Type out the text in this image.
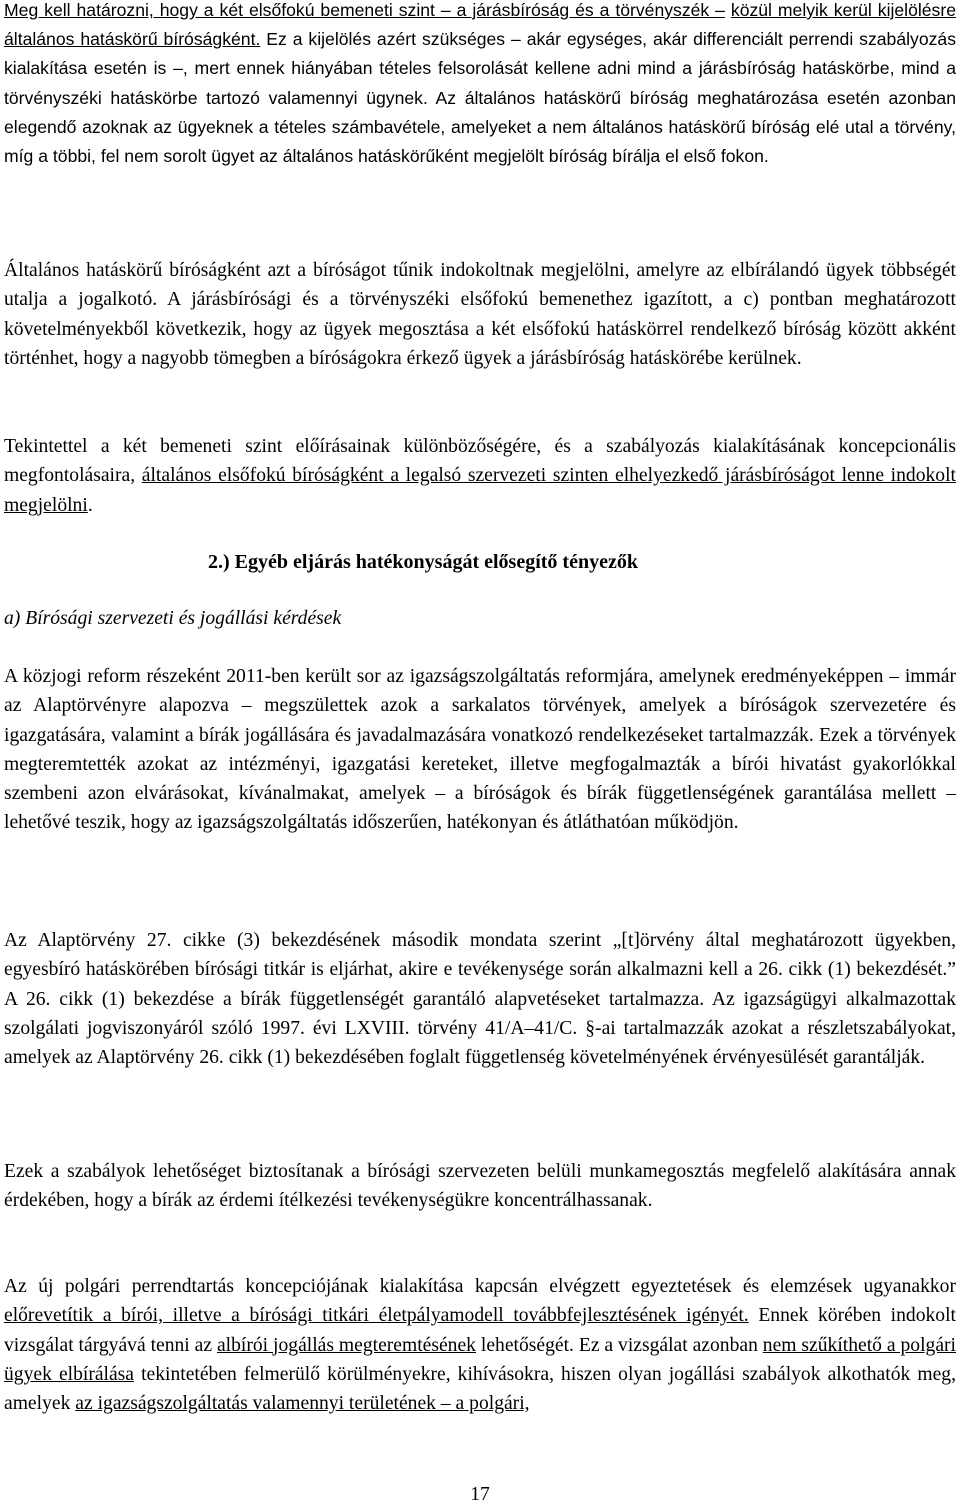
Meg kell határozni, hogy a két elsőfokú bemeneti szint – a járásbíróság és a törvényszék – közül melyik kerül kijelölésre általános hatáskörű bíróságként. Ez a kijelölés azért szükséges – akár egységes, akár differenciált perrendi szabályozás kialakítása esetén is –, mert ennek hiányában tételes felsorolását kellene adni mind a járásbíróság hatáskörbe, mind a törvényszéki hatáskörbe tartozó valamennyi ügynek. Az általános hatáskörű bíróság meghatározása esetén azonban elegendő azoknak az ügyeknek a tételes számbavétele, amelyeket a nem általános hatáskörű bíróság elé utal a törvény, míg a többi, fel nem sorolt ügyet az általános hatáskörűként megjelölt bíróság bírálja el első fokon.

Általános hatáskörű bíróságként azt a bíróságot tűnik indokoltnak megjelölni, amelyre az elbírálandó ügyek többségét utalja a jogalkotó. A járásbírósági és a törvényszéki elsőfokú bemenethez igazított, a c) pontban meghatározott követelményekből következik, hogy az ügyek megosztása a két elsőfokú hatáskörrel rendelkező bíróság között akként történhet, hogy a nagyobb tömegben a bíróságokra érkező ügyek a járásbíróság hatáskörébe kerülnek.

Tekintettel a két bemeneti szint előírásainak különbözőségére, és a szabályozás kialakításának koncepcionális megfontolásaira, általános elsőfokú bíróságként a legalsó szervezeti szinten elhelyezkedő járásbíróságot lenne indokolt megjelölni.

2.) Egyéb eljárás hatékonyságát elősegítő tényezők

a) Bírósági szervezeti és jogállási kérdések

A közjogi reform részeként 2011-ben került sor az igazságszolgáltatás reformjára, amelynek eredményeképpen – immár az Alaptörvényre alapozva – megszülettek azok a sarkalatos törvények, amelyek a bíróságok szervezetére és igazgatására, valamint a bírák jogállására és javadalmazására vonatkozó rendelkezéseket tartalmazzák. Ezek a törvények megteremtették azokat az intézményi, igazgatási kereteket, illetve megfogalmazták a bírói hivatást gyakorlókkal szembeni azon elvárásokat, kívánalmakat, amelyek – a bíróságok és bírák függetlenségének garantálása mellett – lehetővé teszik, hogy az igazságszolgáltatás időszerűen, hatékonyan és átláthatóan működjön.

Az Alaptörvény 27. cikke (3) bekezdésének második mondata szerint „[t]örvény által meghatározott ügyekben, egyesbíró hatáskörében bírósági titkár is eljárhat, akire e tevékenysége során alkalmazni kell a 26. cikk (1) bekezdését.” A 26. cikk (1) bekezdése a bírák függetlenségét garantáló alapvetéseket tartalmazza. Az igazságügyi alkalmazottak szolgálati jogviszonyáról szóló 1997. évi LXVIII. törvény 41/A–41/C. §-ai tartalmazzák azokat a részletszabályokat, amelyek az Alaptörvény 26. cikk (1) bekezdésében foglalt függetlenség követelményének érvényesülését garantálják.

Ezek a szabályok lehetőséget biztosítanak a bírósági szervezeten belüli munkamegosztás megfelelő alakítására annak érdekében, hogy a bírák az érdemi ítélkezési tevékenységükre koncentrálhassanak.

Az új polgári perrendtartás koncepciójának kialakítása kapcsán elvégzett egyeztetések és elemzések ugyanakkor előrevetítik a bírói, illetve a bírósági titkári életpályamodell továbbfejlesztésének igényét. Ennek körében indokolt vizsgálat tárgyává tenni az albírói jogállás megteremtésének lehetőségét. Ez a vizsgálat azonban nem szűkíthető a polgári ügyek elbírálása tekintetében felmerülő körülményekre, kihívásokra, hiszen olyan jogállási szabályok alkothatók meg, amelyek az igazságszolgáltatás valamennyi területének – a polgári,

17
